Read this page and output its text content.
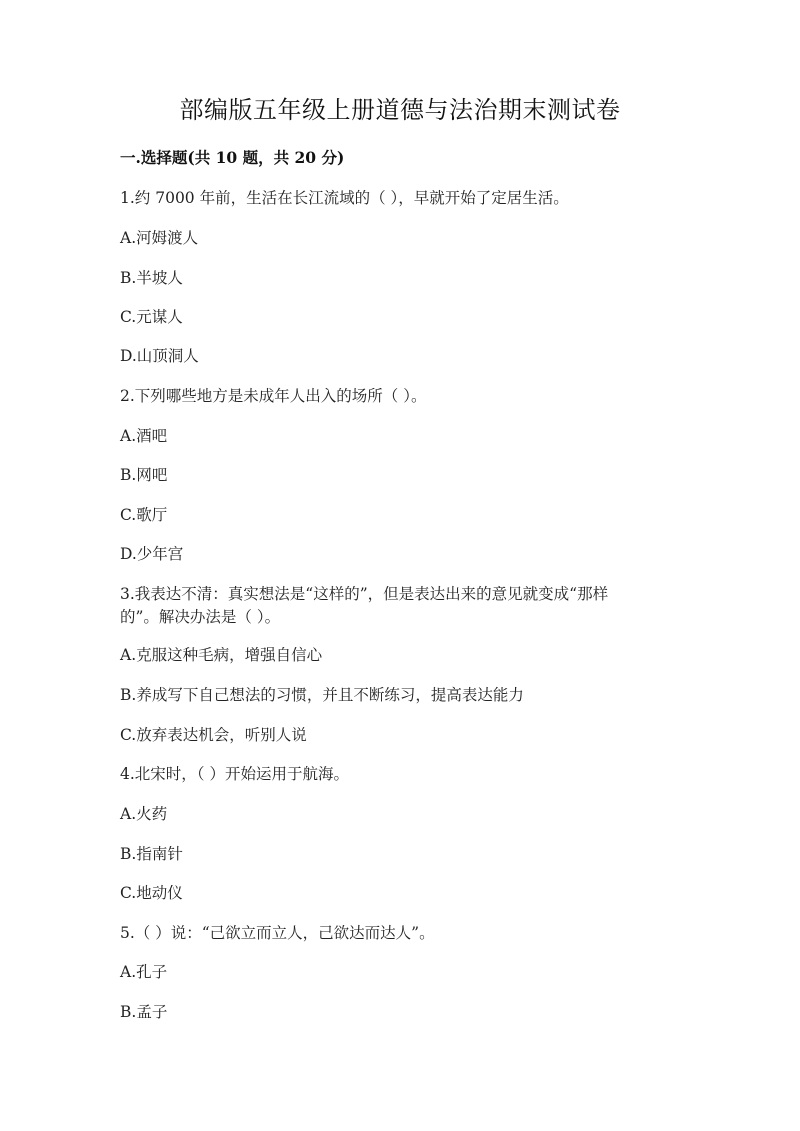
部编版五年级上册道德与法治期末测试卷
一.选择题(共 10 题，共 20 分)
1.约 7000 年前，生活在长江流域的（ ），早就开始了定居生活。
A.河姆渡人
B.半坡人
C.元谋人
D.山顶洞人
2.下列哪些地方是未成年人出入的场所（ ）。
A.酒吧
B.网吧
C.歌厅
D.少年宫
3.我表达不清：真实想法是“这样的”，但是表达出来的意见就变成“那样
的”。解决办法是（ ）。
A.克服这种毛病，增强自信心
B.养成写下自己想法的习惯，并且不断练习，提高表达能力
C.放弃表达机会，听别人说
4.北宋时，（ ）开始运用于航海。
A.火药
B.指南针
C.地动仪
5.（ ）说：“己欲立而立人，己欲达而达人”。
A.孔子
B.孟子
